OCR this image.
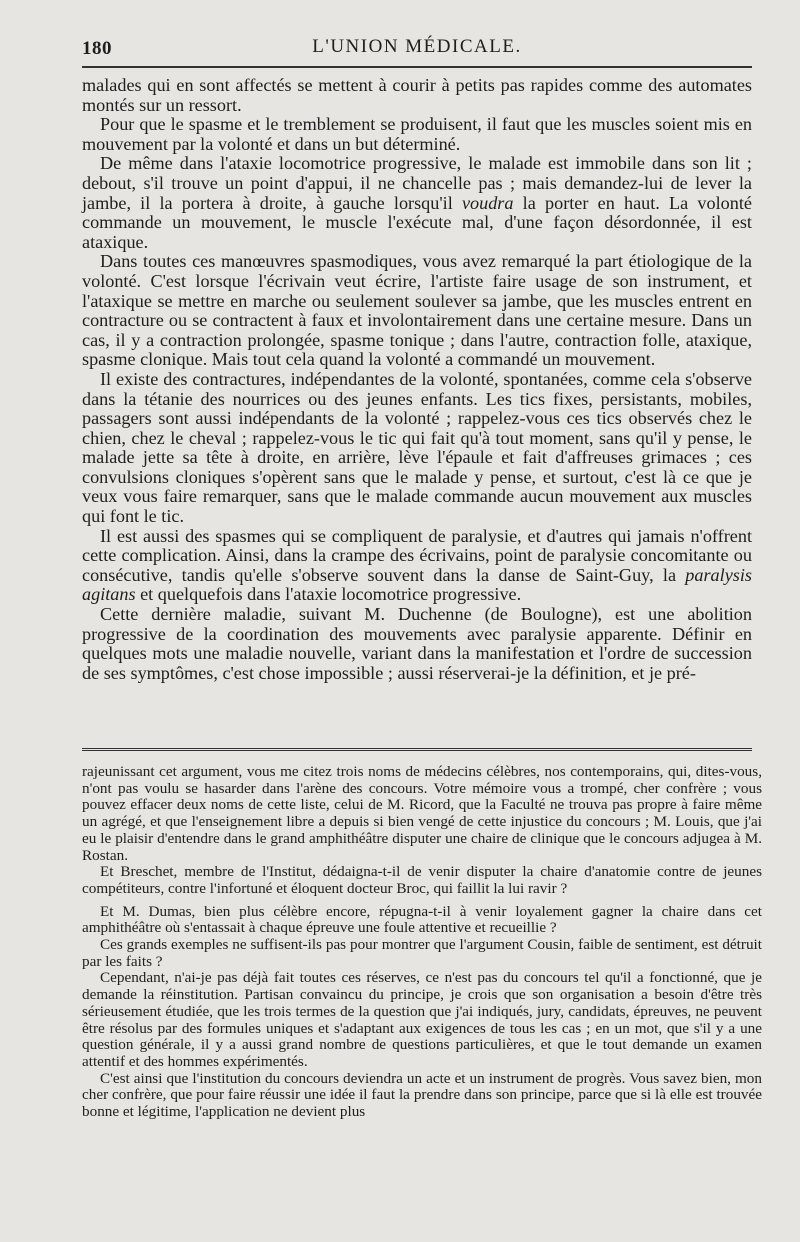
180	L'UNION MÉDICALE.

malades qui en sont affectés se mettent à courir à petits pas rapides comme des automates montés sur un ressort.

Pour que le spasme et le tremblement se produisent, il faut que les muscles soient mis en mouvement par la volonté et dans un but déterminé.

De même dans l'ataxie locomotrice progressive, le malade est immobile dans son lit ; debout, s'il trouve un point d'appui, il ne chancelle pas ; mais demandez-lui de lever la jambe, il la portera à droite, à gauche lorsqu'il voudra la porter en haut. La volonté commande un mouvement, le muscle l'exécute mal, d'une façon désordonnée, il est ataxique.

Dans toutes ces manœuvres spasmodiques, vous avez remarqué la part étiologique de la volonté. C'est lorsque l'écrivain veut écrire, l'artiste faire usage de son instrument, et l'ataxique se mettre en marche ou seulement soulever sa jambe, que les muscles entrent en contracture ou se contractent à faux et involontairement dans une certaine mesure. Dans un cas, il y a contraction prolongée, spasme tonique ; dans l'autre, contraction folle, ataxique, spasme clonique. Mais tout cela quand la volonté a commandé un mouvement.

Il existe des contractures, indépendantes de la volonté, spontanées, comme cela s'observe dans la tétanie des nourrices ou des jeunes enfants. Les tics fixes, persistants, mobiles, passagers sont aussi indépendants de la volonté ; rappelez-vous ces tics observés chez le chien, chez le cheval ; rappelez-vous le tic qui fait qu'à tout moment, sans qu'il y pense, le malade jette sa tête à droite, en arrière, lève l'épaule et fait d'affreuses grimaces ; ces convulsions cloniques s'opèrent sans que le malade y pense, et surtout, c'est là ce que je veux vous faire remarquer, sans que le malade commande aucun mouvement aux muscles qui font le tic.

Il est aussi des spasmes qui se compliquent de paralysie, et d'autres qui jamais n'offrent cette complication. Ainsi, dans la crampe des écrivains, point de paralysie concomitante ou consécutive, tandis qu'elle s'observe souvent dans la danse de Saint-Guy, la paralysis agitans et quelquefois dans l'ataxie locomotrice progressive.

Cette dernière maladie, suivant M. Duchenne (de Boulogne), est une abolition progressive de la coordination des mouvements avec paralysie apparente. Définir en quelques mots une maladie nouvelle, variant dans la manifestation et l'ordre de succession de ses symptômes, c'est chose impossible ; aussi réserverai-je la définition, et je pré-

rajeunissant cet argument, vous me citez trois noms de médecins célèbres, nos contemporains, qui, dites-vous, n'ont pas voulu se hasarder dans l'arène des concours. Votre mémoire vous a trompé, cher confrère ; vous pouvez effacer deux noms de cette liste, celui de M. Ricord, que la Faculté ne trouva pas propre à faire même un agrégé, et que l'enseignement libre a depuis si bien vengé de cette injustice du concours ; M. Louis, que j'ai eu le plaisir d'entendre dans le grand amphithéâtre disputer une chaire de clinique que le concours adjugea à M. Rostan.

Et Breschet, membre de l'Institut, dédaigna-t-il de venir disputer la chaire d'anatomie contre de jeunes compétiteurs, contre l'infortuné et éloquent docteur Broc, qui faillit la lui ravir ?

Et M. Dumas, bien plus célèbre encore, répugna-t-il à venir loyalement gagner la chaire dans cet amphithéâtre où s'entassait à chaque épreuve une foule attentive et recueillie ?

Ces grands exemples ne suffisent-ils pas pour montrer que l'argument Cousin, faible de sentiment, est détruit par les faits ?

Cependant, n'ai-je pas déjà fait toutes ces réserves, ce n'est pas du concours tel qu'il a fonctionné, que je demande la réinstitution. Partisan convaincu du principe, je crois que son organisation a besoin d'être très sérieusement étudiée, que les trois termes de la question que j'ai indiqués, jury, candidats, épreuves, ne peuvent être résolus par des formules uniques et s'adaptant aux exigences de tous les cas ; en un mot, que s'il y a une question générale, il y a aussi grand nombre de questions particulières, et que le tout demande un examen attentif et des hommes expérimentés.

C'est ainsi que l'institution du concours deviendra un acte et un instrument de progrès. Vous savez bien, mon cher confrère, que pour faire réussir une idée il faut la prendre dans son principe, parce que si là elle est trouvée bonne et légitime, l'application ne devient plus
